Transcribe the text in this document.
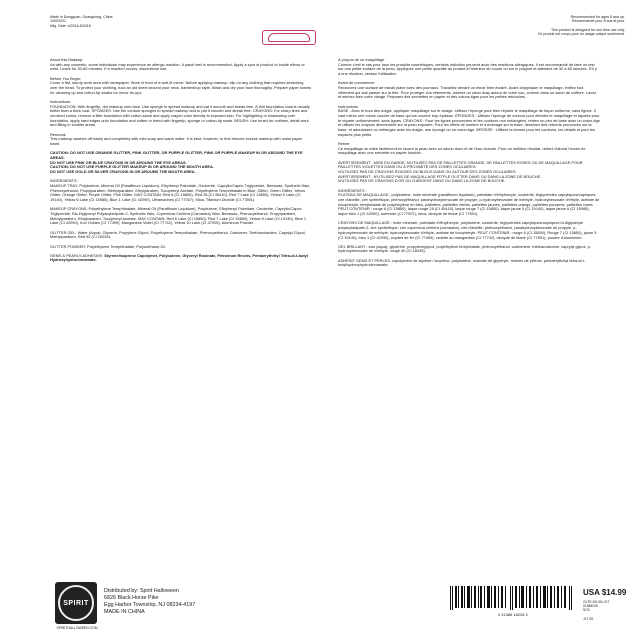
Made in Dongguan, Guangdong, China

10003201

Mfg. Date: 4/2016-5/2016

Recommended for ages 8 and up.

Recommandé pour 8 ans et plus.

This product is designed for one time use only.

Ce produit est conçu pour un usage unique seulement.

About this Makeup:

As with any cosmetic, some individuals may experience an allergic reaction. A patch test is recommended. Apply a spot of product to inside elbow or wrist. Leave for 30-60 minutes. If a reaction occurs, discontinue use.

Before You Begin:

Cover a flat, sturdy work area with newspaper. Work in front of a well-lit mirror. Before applying makeup, slip on any clothing that requires stretching over the head. To protect your clothing, tuck an old sheet around your neck, barbershop style. Wash and dry your face thoroughly. Prepare paper towels for cleaning up and cotton-tip swabs for minor fix-ups.

Instructions:

FOUNDATION: With fingertip, dot makeup onto face. Use sponge to spread makeup and pat it smooth and streak-free. A thin foundation coat is usually better than a thick coat. SPONGES: Use the contour sponges to spread makeup and to pat it smooth and streak free. CRAYONS: For sharp lines and unmixed colors, remove a little foundation with cotton-swab and apply crayon color directly to exposed skin. For highlighting or shadowing over foundation, apply hard edges onto foundation and soften or blend with fingertip, sponge or cotton-tip swab. BRUSH: Use brush for outlines, detail work and filling in smaller areas.

Removal:

This makeup washes off easily and completely with mild soap and warm water. It is best, however, to first remove excess makeup with moist paper towel.

CAUTION: DO NOT USE ORANGE GLITTER, PINK GLITTER, OR PURPLE GLITTER, PINK OR PURPLE MAKEUP IN OR AROUND THE EYE AREAS.

DO NOT USE PINK OR BLUE CRAYONS IN OR AROUND THE EYE AREAS.

CAUTION: DO NOT USE PURPLE GLITTER MAKEUP IN OR AROUND THE MOUTH AREA.

DO NOT USE GOLD OR SILVER CRAYONS IN OR AROUND THE MOUTH AREA.

INGREDIENTS:

MAKEUP TRAY: Polybutene, Mineral Oil (Paraffinum Liquidum), Ethylhexyl Palmitate, Ozokerite, Caprylic/Capric Triglyceride, Beeswax, Synthetic Wax, Phenoxyethanol, Propylparaben, Methylparaben, Ethylparaben, Tocopheryl Acetate, Polyethylene Terephthalate in Blue, Glitter, Green Glitter, Yellow Glitter, Orange Glitter, Purple Glitter, Pink Glitter. MAY CONTAIN: Red 6 (CI 15850), Red 28 (CI 45410), Red 7 Lake (CI 15850), Yellow 5 Lake (CI 19140), Yellow 6 Lake (CI 15985), Blue 1 Lake (CI 42090), Ultramarines (CI 77007), Mica, Titanium Dioxide (CI 77891).

MAKEUP CRAYONS: Polyethylene Terephthalate, Mineral Oil (Paraffinum Liquidum), Polybutene, Ethylhexyl Palmitate, Ozokerite, Caprylic/Capric Triglyceride, Bis-Diglyceryl Polyacyladipate-2, Synthetic Wax, Copernicia Cerifera (Carnauba) Wax, Beeswax, Phenoxyethanol, Propylparaben, Methylparaben, Ethylparaben, Tocopheryl Acetate. MAY CONTAIN: Red 6 Lake (CI 15850), Red 7 Lake (CI 15850), Yellow 5 Lake (CI 19140), Blue 1 Lake (CI 42090), Iron Oxides (CI 77499), Manganese Violet (CI 77742), Yellow 10 Lake (CI 47005), Aluminum Powder.

GLITTER GEL: Water (Aqua), Glycerin, Propylene Glycol, Polyethylene Terephthalate, Phenoxyethanol, Carbomer, Triethanolamine, Caprylyl Glycol, Methylparaben, Red 40 (CI 16035).

GLITTER POWDER: Polyethylene Terephthalate, Polyurethane-33.

GEMS & PEARLS ADHESIVE: Styrene/Isoprene Copolymer, Polybutene, Glyceryl Rosinate, Petroleum Resins, Pentaerythrityl Tetra-di-t-butyl Hydroxyhydrocinnamate.

À propos de ce maquillage

Comme c'est le cas pour tous les produits cosmétiques, certains individus peuvent avoir des réactions allergiques. Il est recommandé de faire un test sur une petite surface de la peau. Appliquez une petite quantité du produit à l'intérieur du coude ou sur le poignet et attendez de 30 à 60 minutes. S'il y a une réaction, cessez l'utilisation.

Avant de commencer

Recouvrez une surface de travail plane avec des journaux. Travaillez devant un miroir bien éclairé. Avant d'appliquer le maquillage, enfilez tout vêtement qui doit passer sur la tête. Pour protéger vos vêtements, insérez un vieux drap autour de votre cou, comme dans un salon de coiffure. Lavez et séchez bien votre visage. Préparez des serviettes en papier et des cotons-tiges pour les petites retouches.

Instructions

BASE : Avec le bout des doigts, appliquer maquillage sur le visage. Utilisez l'éponge pour bien répartir le maquillage de façon uniforme, sans lignes. Il vaut mieux une mince couche de base qu'une couche trop épaisse. ÉPONGES : Utilisez l'éponge de contour pour étendre le maquillage et tapotez pour le répartir uniformément, sans lignes. CRAYONS : Pour les lignes prononcées et les couleurs non mélangées, retirez un peu de base avec un coton-tige et utilisez les crayons directement sur la peau exposée. Pour les effets de lumière et d'ombrage sur la base, dessinez des rebords prononcés sur la base, et adoucissez ou mélangez avec les doigts, une éponge ou un coton-tige. BROSSE : Utilisez la brosse pour les contours, les détails et pour les espaces plus petits.

Retirer

Ce maquillage se retire facilement en lavant la peau avec un savon doux et de l'eau chaude. Pour un meilleur résultat, retirez d'abord l'excès de maquillage avec une serviette en papier humide.

AVERTISSEMENT : MISE EN GARDE: N'UTILISEZ PAS DE PAILLETTES ORANGE, DE PAILLETTES ROSES OU DE MAQUILLAGE POUR PAILLETTES VIOLETTES DANS OU À PROXIMITÉ DES ZONES OCULAIRES.

N'UTILISEZ PAS DE CRAYONS ROUGES OU BLEUS DANS OU AUTOUR DES ZONES OCULAIRES.

AVERTISSEMENT : N'UTILISEZ PAS DE MAQUILLAGE PITPLE GLITTER DANS OU DANS LA ZONE DE BOUCHE.

N'UTILISEZ PAS DE CRAYONS D'OR OU D'ARGENT DANS OU DANS LA ZONE DE BOUCHE.

INGRÉDIENTS :

PLATEAU DE MAQUILLAGE : polybutène, huile minérale (paraffinum liquidum), palmitate d'éthylhexyle, ozokérite, triglycérides capryliques/capriques, cire d'abeille, cire synthétique, phénoxyéthanol, parahydroxybenzoate de propyle, p-hydroxybenzoate de méthyle, hydroxybenzoate d'éthyle, acétate de tocophéryle, téréphtalate de polyéthylène en bleu, paillettes, paillettes vertes, paillettes jaunes, paillettes orange, paillettes pourpres, paillettes roses. PEUT CONTENIR : rouge 6 (CI 15850), laque rouge 28 (CI 45410), laque rouge 7 (CI 15850), laque jaune 5 (CI 19140), laque jaune 6 (CI 15985), laque bleu 1 (CI 42090), outremer (CI 77007), mica, dioxyde de titane (CI 77891).

CRAYONS DE MAQUILLAGE : huile minérale, palmitate d'éthylhexyle, polybutène, ozokérite, triglycérides capryliques/capriques bi-diglycéryle polyacyladipate-2, cire synthétique, cire copernicia cerifera (carnauba), cire d'abeille, phénoxyéthanol, parahydroxybenzoate de propyle, p-hydroxybenzoate de méthyle, hydroxybenzoate d'éthyle, acétate de tocophéryle. PEUT CONTENIR : rouge 6 (CI 15850), Rouge 7 (CI 15850), jaune 5 (CI 19140), bleu 1 (CI 42090), oxydes de fer (CI 77499), violette au manganèse (CI 77742), dioxyde de titane (CI 77891), poudre d'aluminium.

GEL BRILLANT : eau (aqua), glycérine, propylèneglycol, polyéthylène téréphtalate, phénoxyéthanol, carbomère, triéthanolamine, caprylyl glycol, p-hydroxybenzoate de méthyle, rouge 40 (CI 16035).

ADHÉSIF GEMS ET PERLES: copolymère de styrène / isoprène, polybutène, rosinate de glycéryle, résines de pétrole, pentaérythrityl tétra-di-t-butylhydroxyhydrocinnamate.

SPIRIT
SPIRITHALLOWEEN.COM

Distributed by: Spirit Halloween

6826 Black Horse Pike

Egg Harbor Township, NJ 08234-4197

MADE IN CHINA	0 11386 18226 2
USA $14.99

GLTR 00L00L KIT

01386226

SCK

J17-99
